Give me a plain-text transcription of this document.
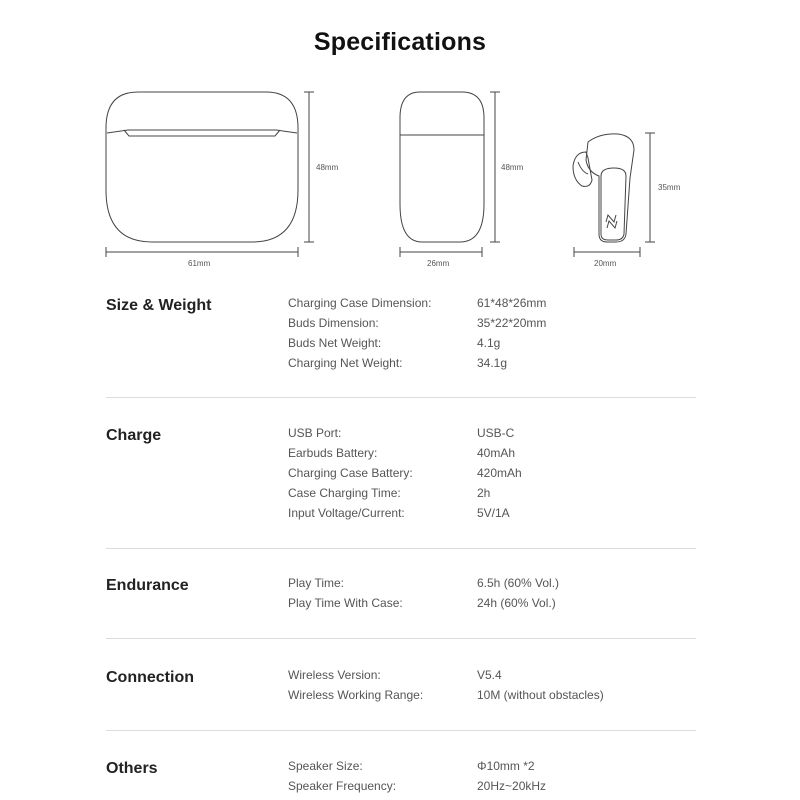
Specifications
48mm
61mm
48mm
26mm
35mm
20mm
Size & Weight	Charging Case Dimension:	61*48*26mm
Buds Dimension:	35*22*20mm
Buds Net Weight:	4.1g
Charging Net Weight:	34.1g
Charge	USB Port:	USB-C
Earbuds Battery:	40mAh
Charging Case Battery:	420mAh
Case Charging Time:	2h
Input Voltage/Current:	5V/1A
Endurance	Play Time:	6.5h (60% Vol.)
Play Time With Case:	24h (60% Vol.)
Connection	Wireless Version:	V5.4
Wireless Working Range:	10M (without obstacles)
Others	Speaker Size:	Φ10mm *2
Speaker Frequency:	20Hz~20kHz
